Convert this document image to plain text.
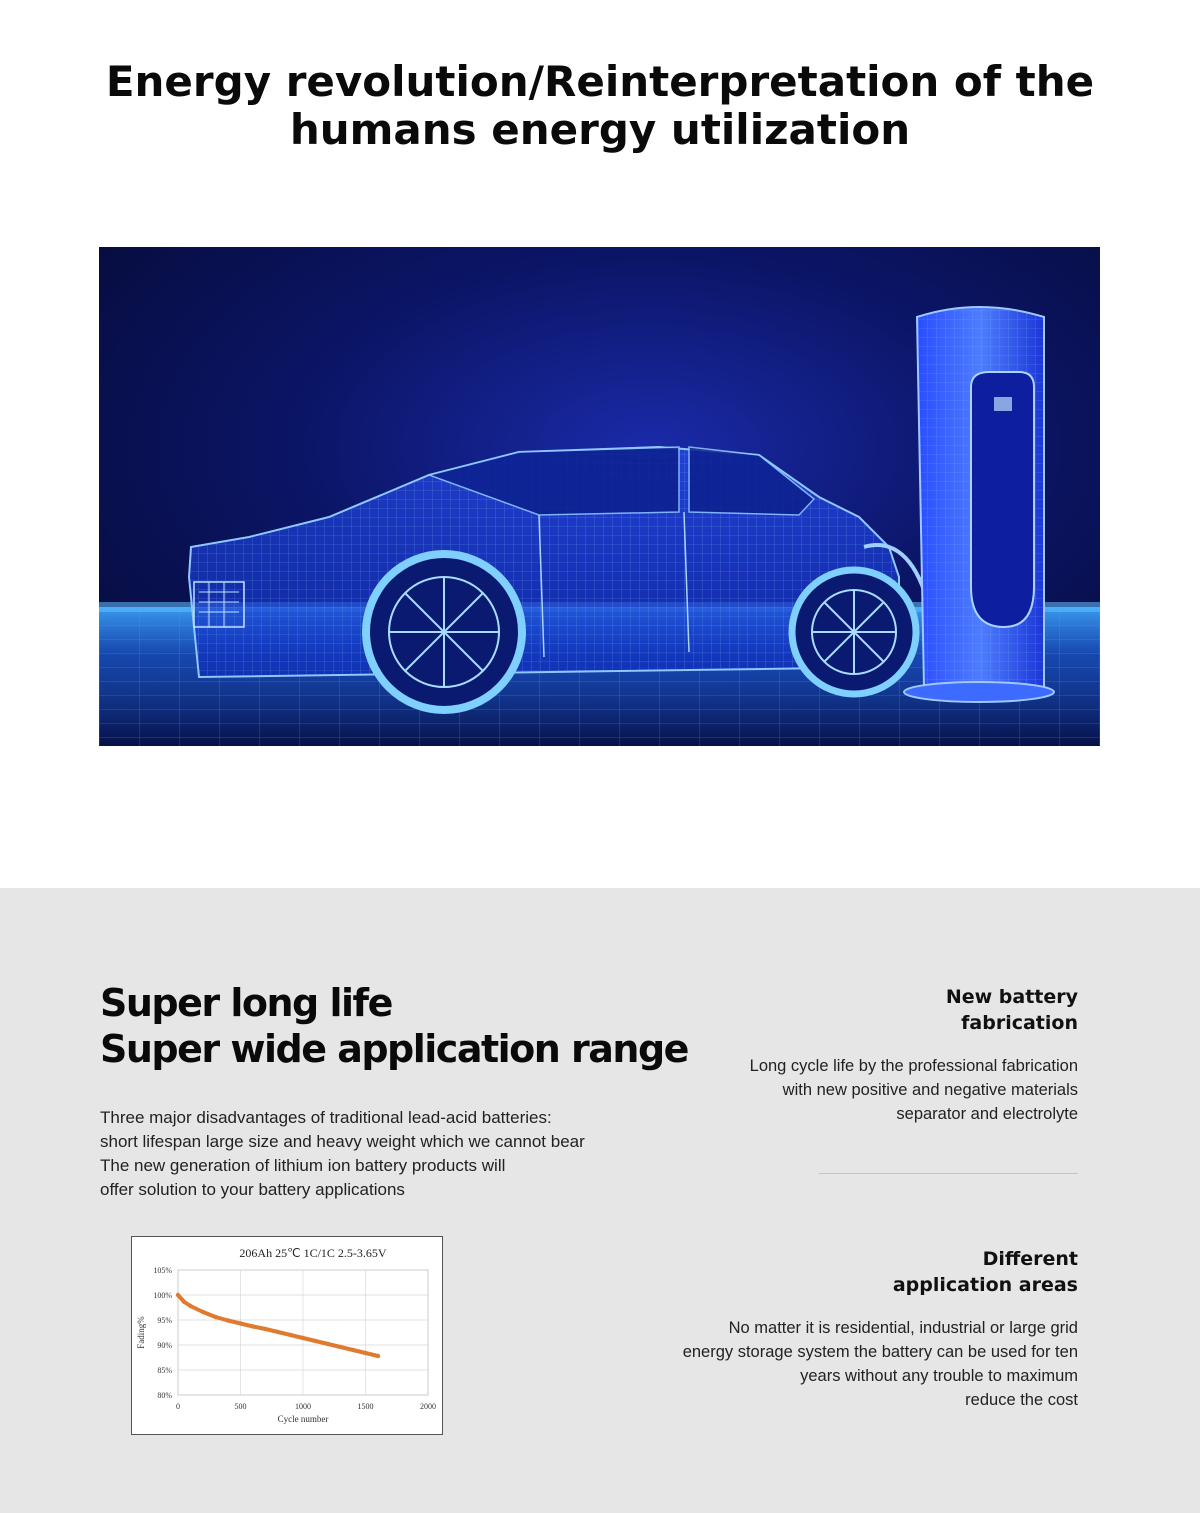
Energy revolution/Reinterpretation of the
humans energy utilization
Super long life
Super wide application range
Three major disadvantages of traditional lead-acid batteries:
short lifespan large size and heavy weight which we cannot bear
The new generation of lithium ion battery products will
offer solution to your battery applications
206Ah 25℃ 1C/1C 2.5-3.65V
105%
100%
95%
90%
85%
80%
0	500	1000	1500	2000
Cycle number
Fading%
New battery
fabrication
Long cycle life by the professional fabrication
with new positive and negative materials
separator and electrolyte
Different
application areas
No matter it is residential, industrial or large grid
energy storage system the battery can be used for ten
years without any trouble to maximum
reduce the cost
